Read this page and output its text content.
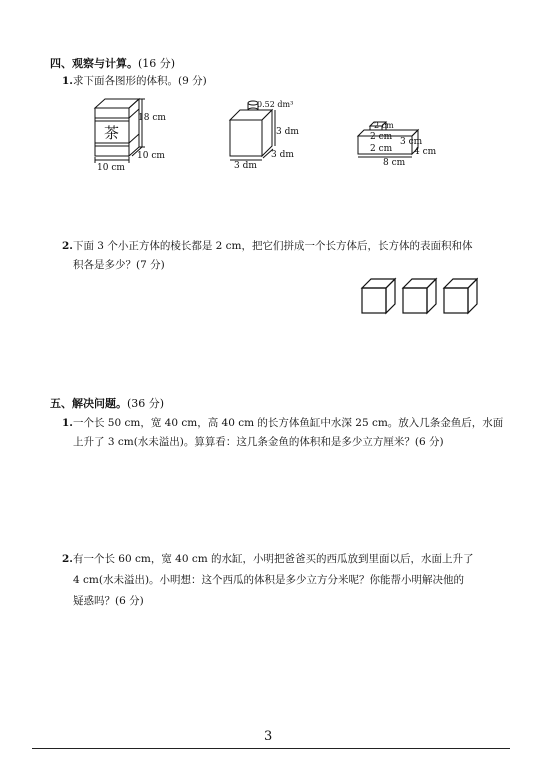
四、观察与计算。(16 分)
1.求下面各图形的体积。(9 分)
茶
18 cm
10 cm
10 cm
0.52 dm³
3 dm
3 dm
3 dm
2 cm
2 cm
2 cm
3 cm
4 cm
8 cm
2.下面 3 个小正方体的棱长都是 2 cm，把它们拼成一个长方体后，长方体的表面积和体
积各是多少？(7 分)
五、解决问题。(36 分)
1.一个长 50 cm，宽 40 cm，高 40 cm 的长方体鱼缸中水深 25 cm。放入几条金鱼后，水面
上升了 3 cm(水未溢出)。算算看：这几条金鱼的体积和是多少立方厘米？(6 分)
2.有一个长 60 cm，宽 40 cm 的水缸，小明把爸爸买的西瓜放到里面以后，水面上升了
4 cm(水未溢出)。小明想：这个西瓜的体积是多少立方分米呢？你能帮小明解决他的
疑惑吗？(6 分)
3
